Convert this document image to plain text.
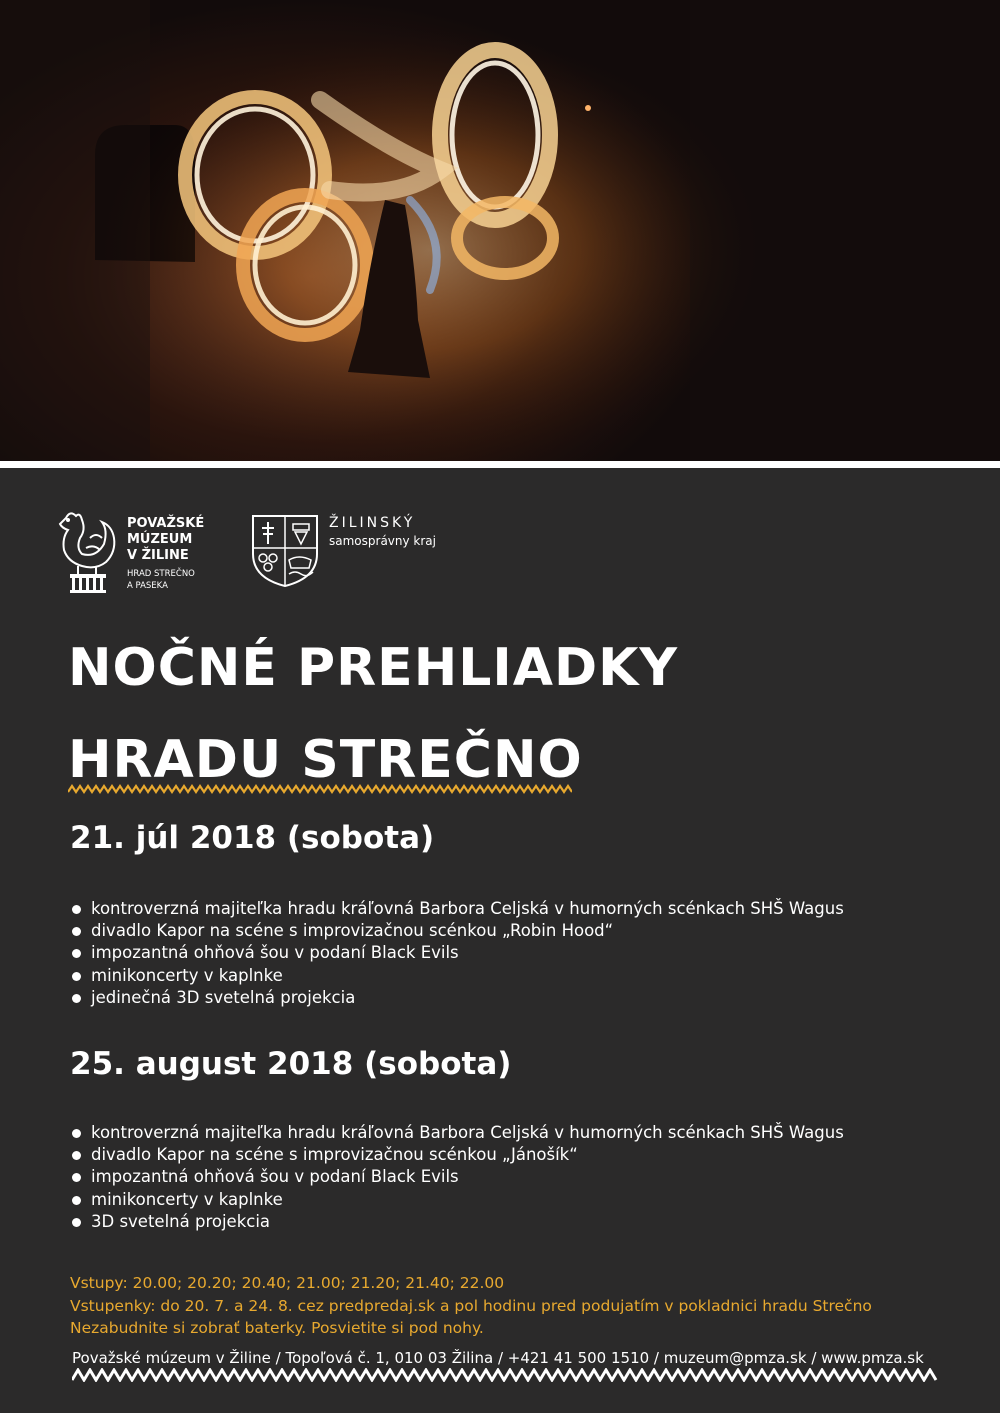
POVAŽSKÉ
MÚZEUM
V ŽILINE
HRAD STREČNO
A PASEKA
ŽILINSKÝ
samosprávny kraj
NOČNÉ PREHLIADKY
HRADU STREČNO
21. júl 2018 (sobota)
kontroverzná majiteľka hradu kráľovná Barbora Celjská v humorných scénkach SHŠ Wagus
divadlo Kapor na scéne s improvizačnou scénkou „Robin Hood“
impozantná ohňová šou v podaní Black Evils
minikoncerty v kaplnke
jedinečná 3D svetelná projekcia
25. august 2018 (sobota)
kontroverzná majiteľka hradu kráľovná Barbora Celjská v humorných scénkach SHŠ Wagus
divadlo Kapor na scéne s improvizačnou scénkou „Jánošík“
impozantná ohňová šou v podaní Black Evils
minikoncerty v kaplnke
3D svetelná projekcia
Vstupy: 20.00; 20.20; 20.40; 21.00; 21.20; 21.40; 22.00
Vstupenky: do 20. 7. a 24. 8. cez predpredaj.sk a pol hodinu pred podujatím v pokladnici hradu Strečno
Nezabudnite si zobrať baterky. Posvietite si pod nohy.
Považské múzeum v Žiline / Topoľová č. 1, 010 03 Žilina / +421 41 500 1510 / muzeum@pmza.sk / www.pmza.sk
